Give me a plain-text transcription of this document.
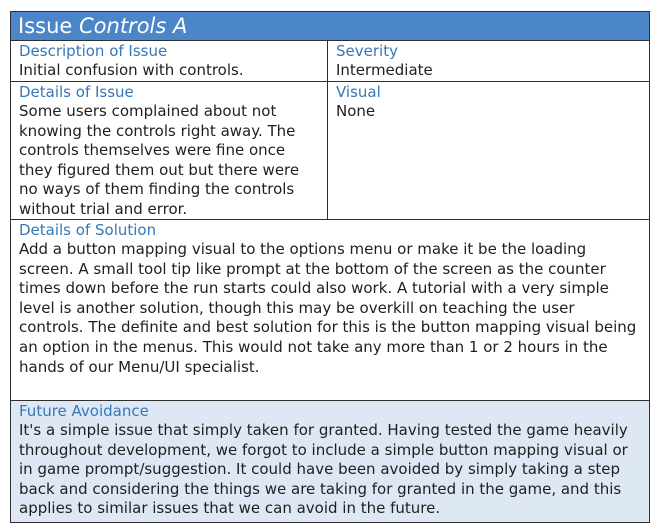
Issue Controls A
Description of Issue
Initial confusion with controls.
Severity
Intermediate
Details of Issue
Some users complained about not knowing the controls right away. The controls themselves were fine once they figured them out but there were no ways of them finding the controls without trial and error.
Visual
None
Details of Solution
Add a button mapping visual to the options menu or make it be the loading screen. A small tool tip like prompt at the bottom of the screen as the counter times down before the run starts could also work. A tutorial with a very simple level is another solution, though this may be overkill on teaching the user controls. The definite and best solution for this is the button mapping visual being an option in the menus. This would not take any more than 1 or 2 hours in the hands of our Menu/UI specialist.
Future Avoidance
It's a simple issue that simply taken for granted. Having tested the game heavily throughout development, we forgot to include a simple button mapping visual or in game prompt/suggestion. It could have been avoided by simply taking a step back and considering the things we are taking for granted in the game, and this applies to similar issues that we can avoid in the future.
